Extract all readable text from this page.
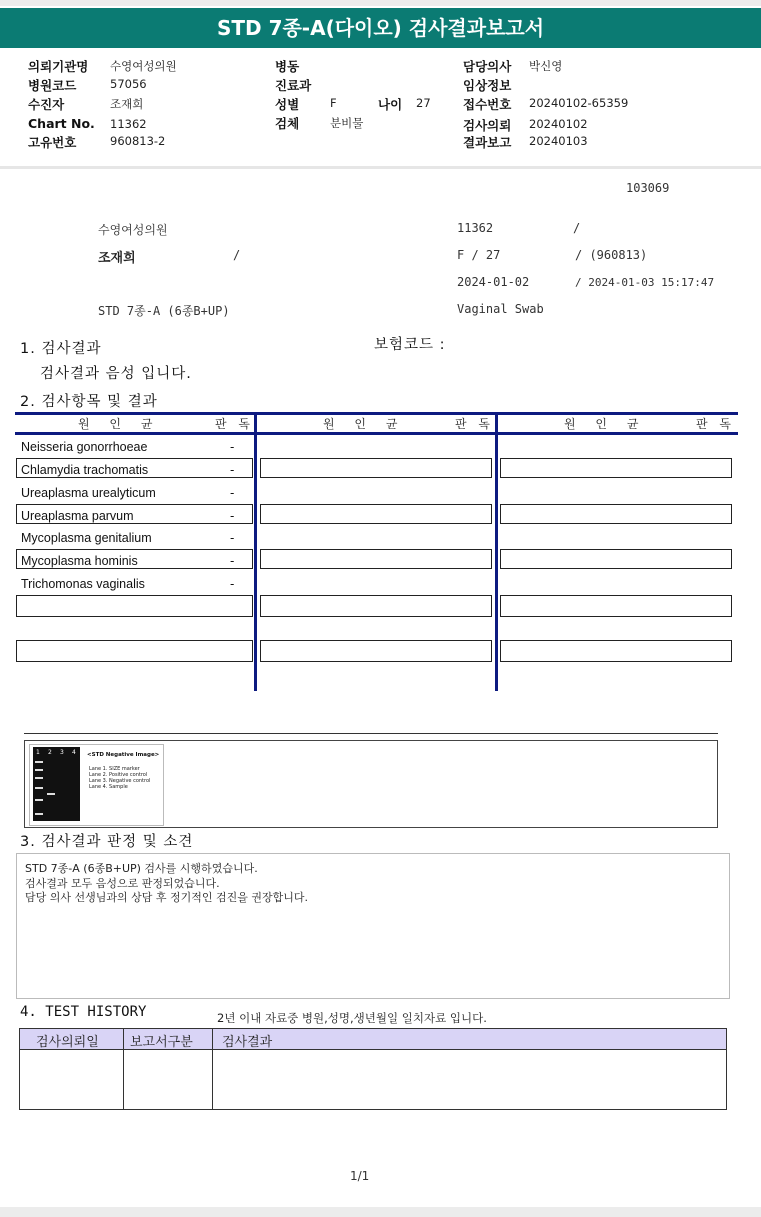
STD 7종-A(다이오) 검사결과보고서
의뢰기관명 수영여성의원
병원코드	57056
수진자	조재희
Chart No. 11362
고유번호	960813-2
병동
진료과
성별	F	나이 27
검체	분비물
담당의사 박신영
임상정보
접수번호 20240102-65359
검사의뢰 20240102
결과보고 20240103
103069
수영여성의원	11362	/
조재희	/	F / 27	/ (960813)
2024-01-02	/ 2024-01-03 15:17:47
STD 7종-A (6종B+UP)	Vaginal Swab
1. 검사결과	보험코드 :
검사결과 음성 입니다.
2. 검사항목 및 결과
원 인 균	판 독	원 인 균	판 독	원 인 균	판 독
Neisseria gonorrhoeae	-
Chlamydia trachomatis	-
Ureaplasma urealyticum	-
Ureaplasma parvum	-
Mycoplasma genitalium	-
Mycoplasma hominis	-
Trichomonas vaginalis	-
1 2 3 4 <STD Negative Image>
Lane 1. SIZE marker
Lane 2. Positive control
Lane 3. Negative control
Lane 4. Sample
3. 검사결과 판정 및 소견
STD 7종-A (6종B+UP) 검사를 시행하였습니다.
검사결과 모두 음성으로 판정되었습니다.
담당 의사 선생님과의 상담 후 정기적인 검진을 권장합니다.
4. TEST HISTORY	2년 이내 자료중 병원,성명,생년월일 일치자료 입니다.
검사의뢰일 보고서구분 검사결과
1/1
